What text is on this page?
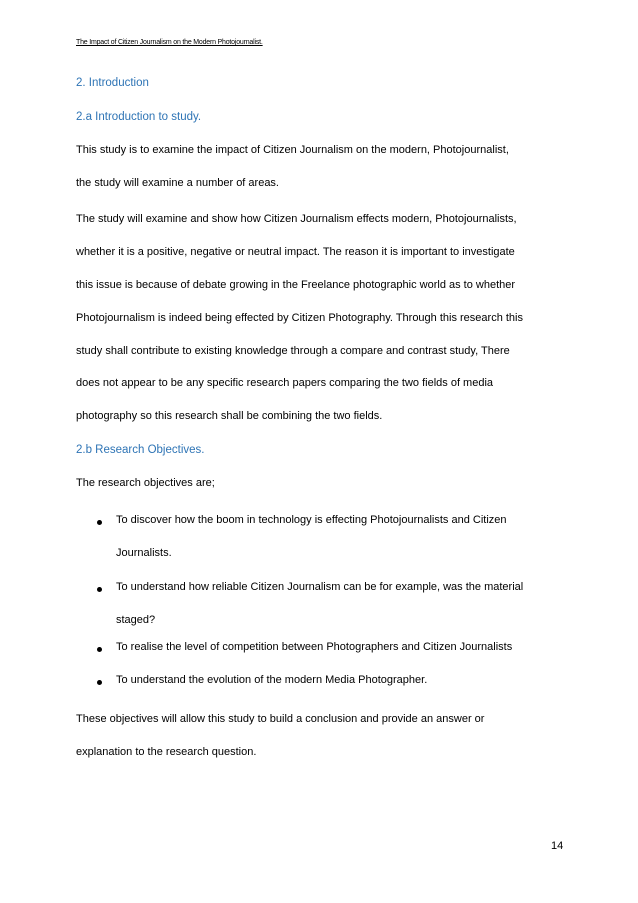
The Impact of Citizen Journalism on the Modern Photojournalist.
2. Introduction
2.a Introduction to study.
This study is to examine the impact of Citizen Journalism on the modern, Photojournalist,
the study will examine a number of areas.
The study will examine and show how Citizen Journalism effects modern, Photojournalists,
whether it is a positive, negative or neutral impact. The reason it is important to investigate
this issue is because of debate growing in the Freelance photographic world as to whether
Photojournalism is indeed being effected by Citizen Photography. Through this research this
study shall contribute to existing knowledge through a compare and contrast study, There
does not appear to be any specific research papers comparing the two fields of media
photography so this research shall be combining the two fields.
2.b Research Objectives.
The research objectives are;
To discover how the boom in technology is effecting Photojournalists and Citizen
Journalists.
To understand how reliable Citizen Journalism can be for example, was the material
staged?
To realise the level of competition between Photographers and Citizen Journalists
To understand the evolution of the modern Media Photographer.
These objectives will allow this study to build a conclusion and provide an answer or
explanation to the research question.
14
